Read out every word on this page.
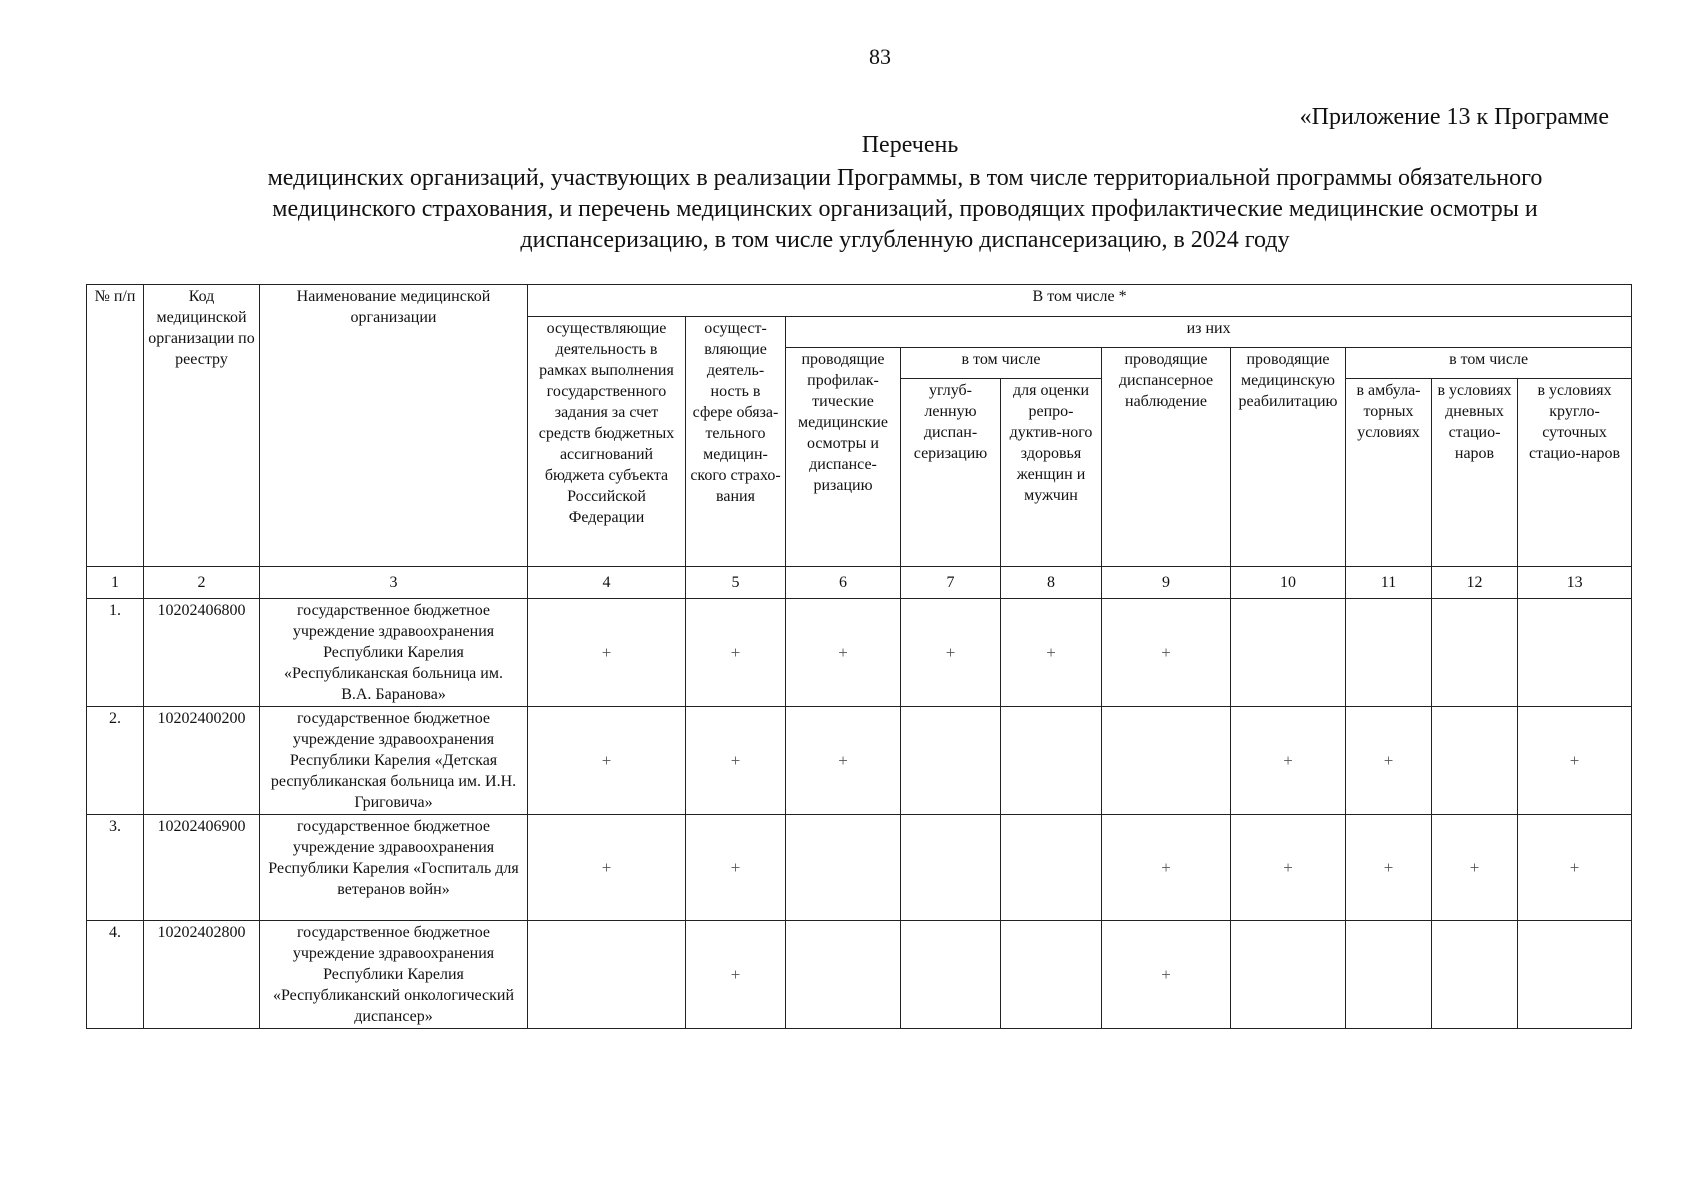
83
«Приложение 13 к Программе
Перечень
медицинских организаций, участвующих в реализации Программы, в том числе территориальной программы обязательного
медицинского страхования, и перечень медицинских организаций, проводящих профилактические медицинские осмотры и
диспансеризацию, в том числе углубленную диспансеризацию, в 2024 году
№ п/п	Код медицинской организации по реестру	Наименование медицинской организации	В том числе *									
			осуществляющие деятельность в рамках выполнения государственного задания за счет средств бюджетных ассигнований бюджета субъекта Российской Федерации	осущест-вляющие деятель-ность в сфере обяза-тельного медицин-ского страхо-вания	из них							
					проводящие профилак-тические медицинские осмотры и диспансе-ризацию	в том числе		проводящие диспансерное наблюдение	проводящие медицинскую реабилитацию	в том числе		
						углуб-ленную диспан-серизацию	для оценки репро-дуктив-ного здоровья женщин и мужчин			в амбула-торных условиях	в условиях дневных стацио-наров	в условиях кругло-суточных стацио-наров
1	2	3	4	5	6	7	8	9	10	11	12	13
1.	10202406800	государственное бюджетное учреждение здравоохранения Республики Карелия «Республиканская больница им. В.А. Баранова»	+	+	+	+	+	+				
2.	10202400200	государственное бюджетное учреждение здравоохранения Республики Карелия «Детская республиканская больница им. И.Н. Григовича»	+	+	+				+	+		+
3.	10202406900	государственное бюджетное учреждение здравоохранения Республики Карелия «Госпиталь для ветеранов войн»	+	+				+	+	+	+	+
4.	10202402800	государственное бюджетное учреждение здравоохранения Республики Карелия «Республиканский онкологический диспансер»		+				+				
